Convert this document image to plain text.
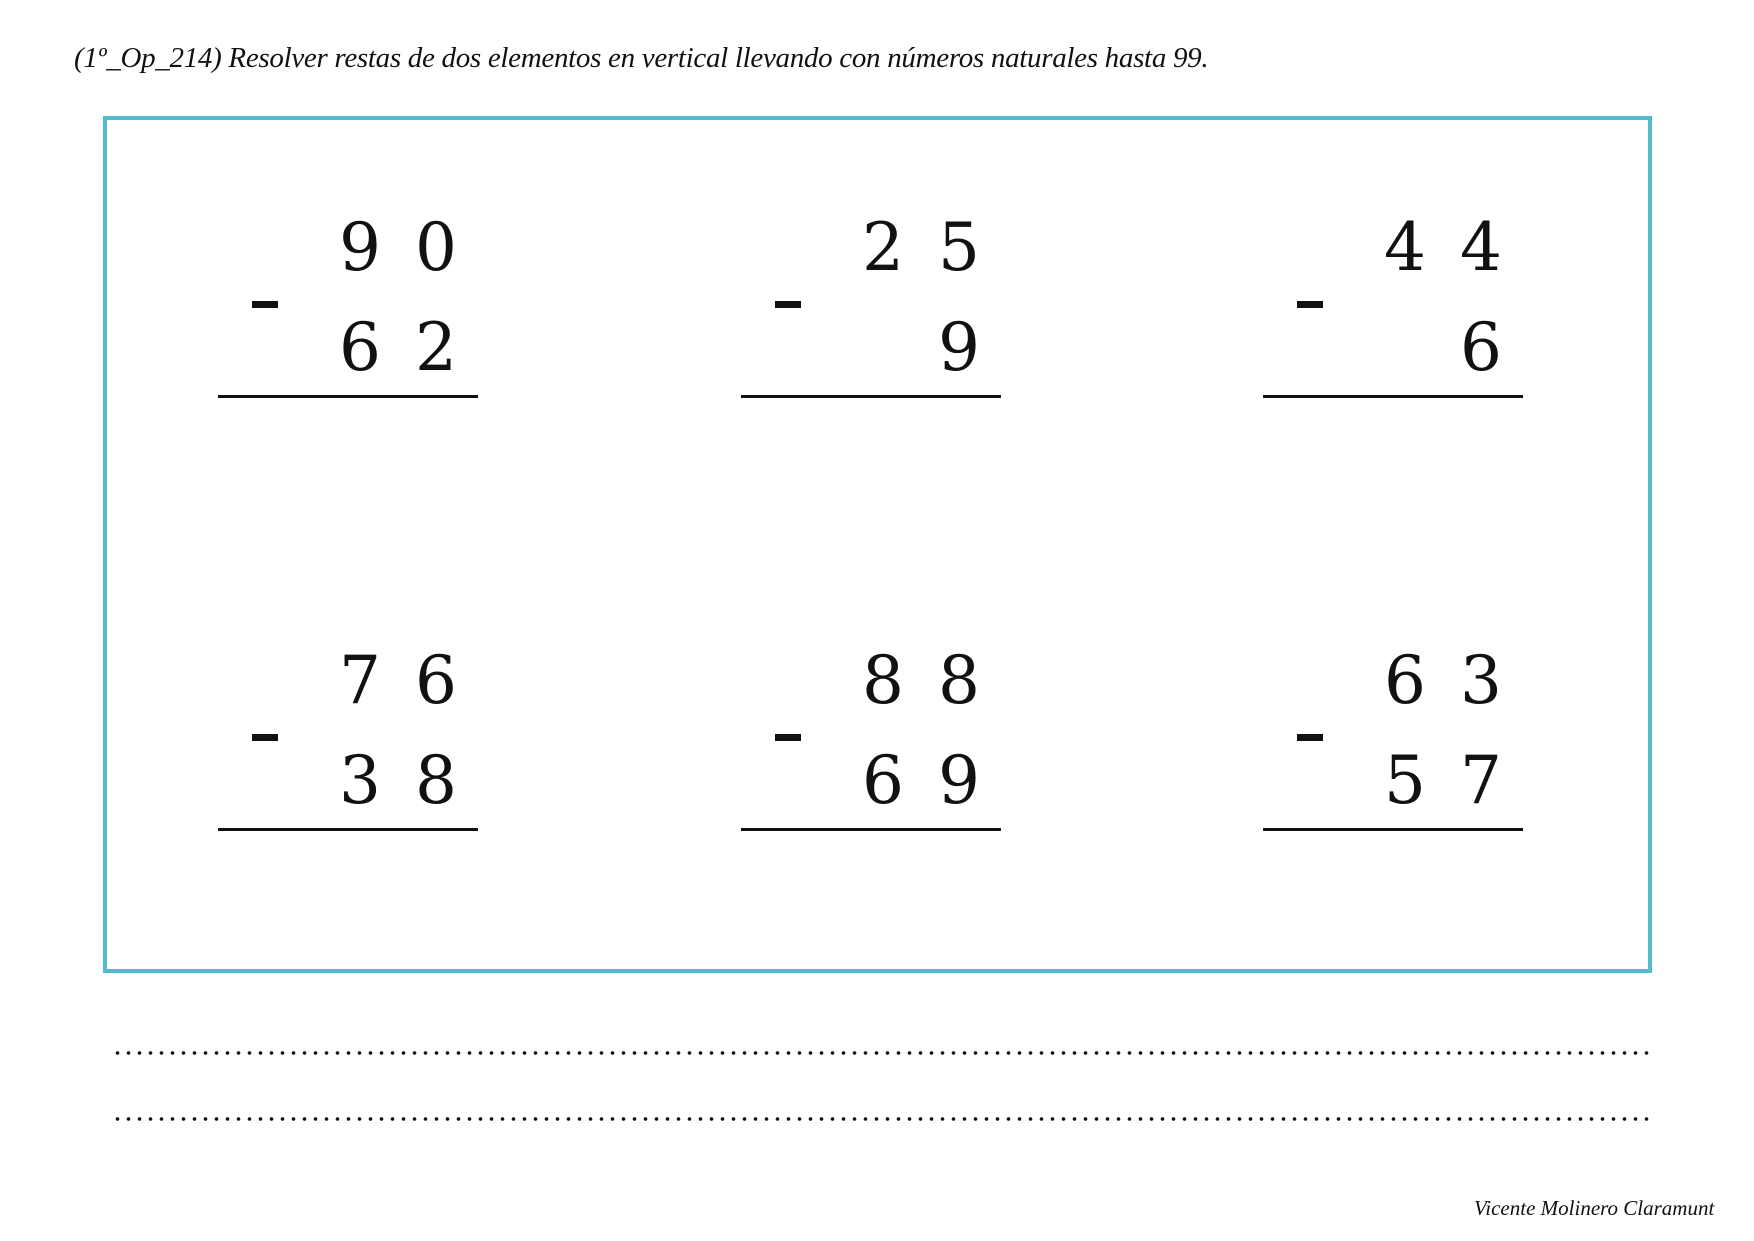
(1º_Op_214) Resolver restas de dos elementos en vertical llevando con números naturales hasta 99.
9 0
6 2
2 5
9
4 4
6
7 6
3 8
8 8
6 9
6 3
5 7
Vicente Molinero Claramunt
